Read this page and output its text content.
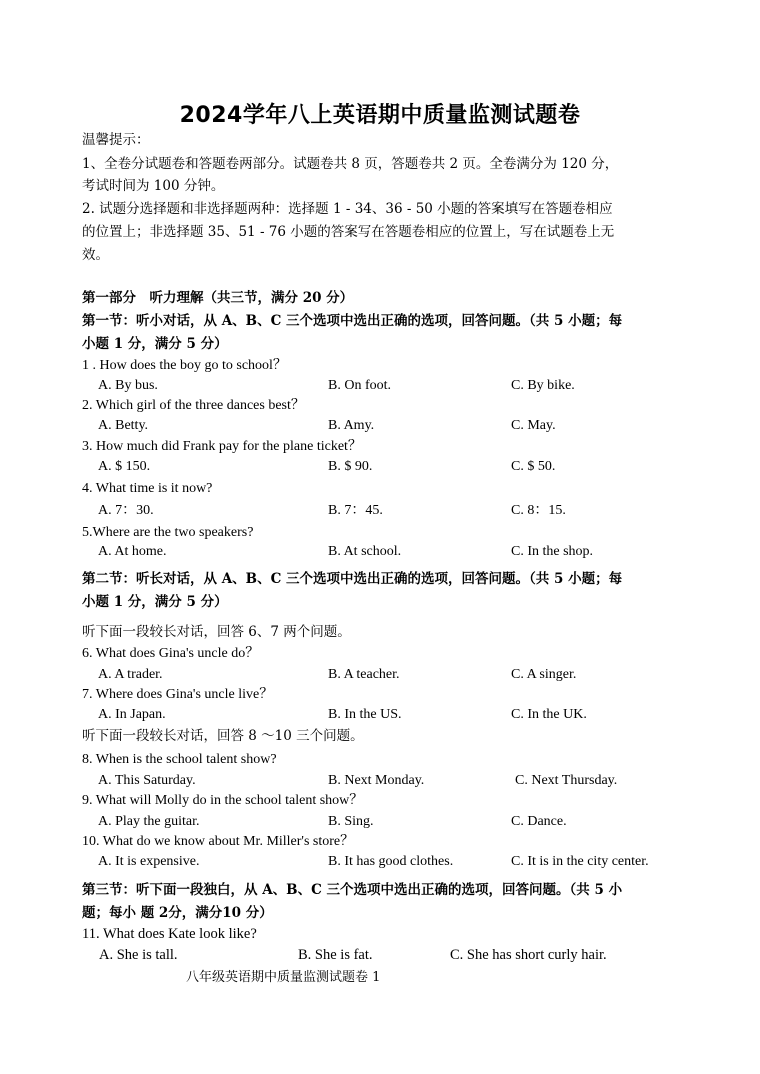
2024学年八上英语期中质量监测试题卷
温馨提示：
1、全卷分试题卷和答题卷两部分。试题卷共 8 页，答题卷共 2 页。全卷满分为 120 分，
考试时间为 100 分钟。
2. 试题分选择题和非选择题两种：选择题 1 - 34、36 - 50 小题的答案填写在答题卷相应
的位置上；非选择题 35、51 - 76 小题的答案写在答题卷相应的位置上，写在试题卷上无
效。
第一部分　听力理解（共三节，满分 20 分）
第一节：听小对话，从 A、B、C 三个选项中选出正确的选项，回答问题。（共 5 小题；每
小题 1 分，满分 5 分）
1 . How does the boy go to school？
A. By bus.	B. On foot.	C. By bike.
2. Which girl of the three dances best？
A. Betty.	B. Amy.	C. May.
3. How much did Frank pay for the plane ticket？
A. $ 150.	B. $ 90.	C. $ 50.
4. What time is it now?
A. 7：30.	B. 7：45.	C. 8：15.
5.Where are the two speakers?
A. At home.	B. At school.	C. In the shop.
第二节：听长对话，从 A、B、C 三个选项中选出正确的选项，回答问题。（共 5 小题；每
小题 1 分，满分 5 分）
听下面一段较长对话，回答 6、7 两个问题。
6. What does Gina's uncle do？
A. A trader.	B. A teacher.	C. A singer.
7. Where does Gina's uncle live？
A. In Japan.	B. In the US.	C. In the UK.
听下面一段较长对话，回答 8 ～10 三个问题。
8. When is the school talent show?
A. This Saturday.	B. Next Monday.	C. Next Thursday.
9. What will Molly do in the school talent show？
A. Play the guitar.	B. Sing.	C. Dance.
10. What do we know about Mr. Miller's store？
A. It is expensive.	B. It has good clothes.	C. It is in the city center.
第三节：听下面一段独白，从 A、B、C 三个选项中选出正确的选项，回答问题。（共 5 小
题；每小 题 2分，满分10 分）
11. What does Kate look like?
A. She is tall.	B. She is fat.	C. She has short curly hair.
八年级英语期中质量监测试题卷 1
